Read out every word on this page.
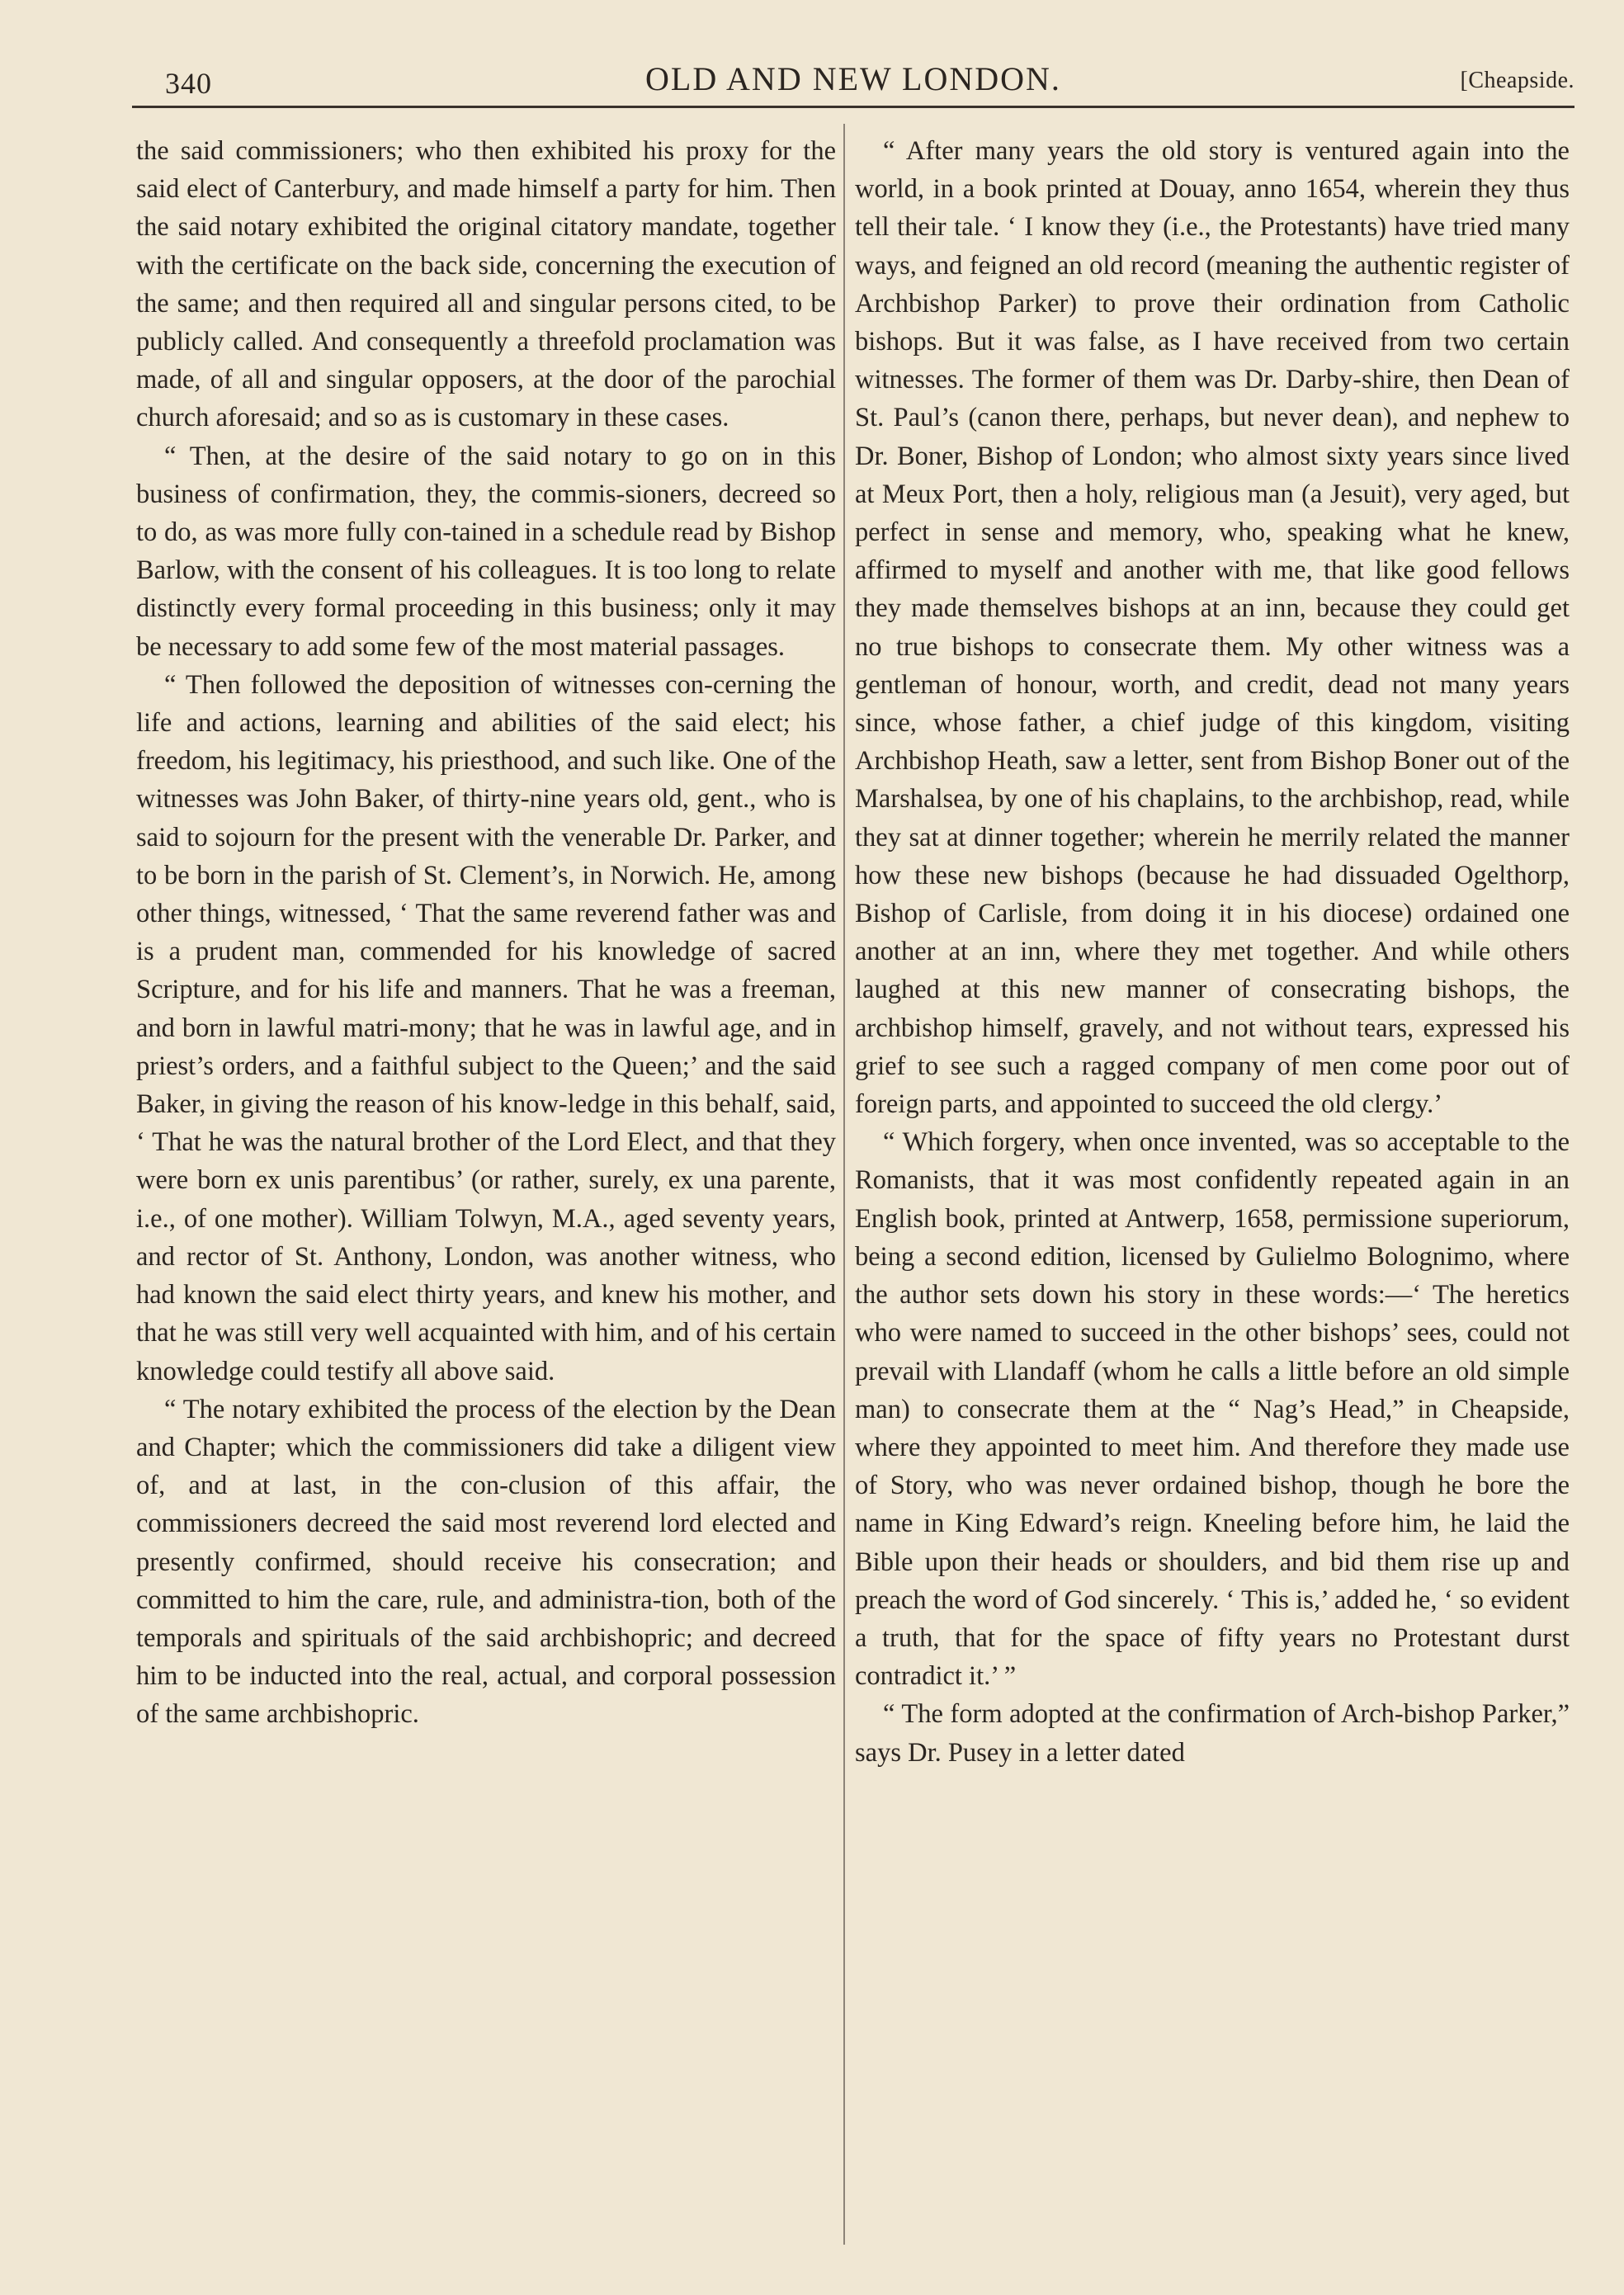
340	OLD AND NEW LONDON.	[Cheapside.

the said commissioners; who then exhibited his proxy for the said elect of Canterbury, and made himself a party for him. Then the said notary exhibited the original citatory mandate, together with the certificate on the back side, concerning the execution of the same; and then required all and singular persons cited, to be publicly called. And consequently a threefold proclamation was made, of all and singular opposers, at the door of the parochial church aforesaid; and so as is customary in these cases.

“ Then, at the desire of the said notary to go on in this business of confirmation, they, the commis-sioners, decreed so to do, as was more fully con-tained in a schedule read by Bishop Barlow, with the consent of his colleagues. It is too long to relate distinctly every formal proceeding in this business; only it may be necessary to add some few of the most material passages.

“ Then followed the deposition of witnesses con-cerning the life and actions, learning and abilities of the said elect; his freedom, his legitimacy, his priesthood, and such like. One of the witnesses was John Baker, of thirty-nine years old, gent., who is said to sojourn for the present with the venerable Dr. Parker, and to be born in the parish of St. Clement’s, in Norwich. He, among other things, witnessed, ‘ That the same reverend father was and is a prudent man, commended for his knowledge of sacred Scripture, and for his life and manners. That he was a freeman, and born in lawful matri-mony; that he was in lawful age, and in priest’s orders, and a faithful subject to the Queen;’ and the said Baker, in giving the reason of his know-ledge in this behalf, said, ‘ That he was the natural brother of the Lord Elect, and that they were born ex unis parentibus’ (or rather, surely, ex una parente, i.e., of one mother). William Tolwyn, M.A., aged seventy years, and rector of St. Anthony, London, was another witness, who had known the said elect thirty years, and knew his mother, and that he was still very well acquainted with him, and of his certain knowledge could testify all above said.

“ The notary exhibited the process of the election by the Dean and Chapter; which the commissioners did take a diligent view of, and at last, in the con-clusion of this affair, the commissioners decreed the said most reverend lord elected and presently confirmed, should receive his consecration; and committed to him the care, rule, and administra-tion, both of the temporals and spirituals of the said archbishopric; and decreed him to be inducted into the real, actual, and corporal possession of the same archbishopric.

“ After many years the old story is ventured again into the world, in a book printed at Douay, anno 1654, wherein they thus tell their tale. ‘ I know they (i.e., the Protestants) have tried many ways, and feigned an old record (meaning the authentic register of Archbishop Parker) to prove their ordination from Catholic bishops. But it was false, as I have received from two certain witnesses. The former of them was Dr. Darby-shire, then Dean of St. Paul’s (canon there, perhaps, but never dean), and nephew to Dr. Boner, Bishop of London; who almost sixty years since lived at Meux Port, then a holy, religious man (a Jesuit), very aged, but perfect in sense and memory, who, speaking what he knew, affirmed to myself and another with me, that like good fellows they made themselves bishops at an inn, because they could get no true bishops to consecrate them. My other witness was a gentleman of honour, worth, and credit, dead not many years since, whose father, a chief judge of this kingdom, visiting Archbishop Heath, saw a letter, sent from Bishop Boner out of the Marshalsea, by one of his chaplains, to the archbishop, read, while they sat at dinner together; wherein he merrily related the manner how these new bishops (because he had dissuaded Ogelthorp, Bishop of Carlisle, from doing it in his diocese) ordained one another at an inn, where they met together. And while others laughed at this new manner of consecrating bishops, the archbishop himself, gravely, and not without tears, expressed his grief to see such a ragged company of men come poor out of foreign parts, and appointed to succeed the old clergy.’

“ Which forgery, when once invented, was so acceptable to the Romanists, that it was most confidently repeated again in an English book, printed at Antwerp, 1658, permissione superiorum, being a second edition, licensed by Gulielmo Bolognimo, where the author sets down his story in these words:—‘ The heretics who were named to succeed in the other bishops’ sees, could not prevail with Llandaff (whom he calls a little before an old simple man) to consecrate them at the “ Nag’s Head,” in Cheapside, where they appointed to meet him. And therefore they made use of Story, who was never ordained bishop, though he bore the name in King Edward’s reign. Kneeling before him, he laid the Bible upon their heads or shoulders, and bid them rise up and preach the word of God sincerely. ‘ This is,’ added he, ‘ so evident a truth, that for the space of fifty years no Protestant durst contradict it.’ ”

“ The form adopted at the confirmation of Arch-bishop Parker,” says Dr. Pusey in a letter dated
